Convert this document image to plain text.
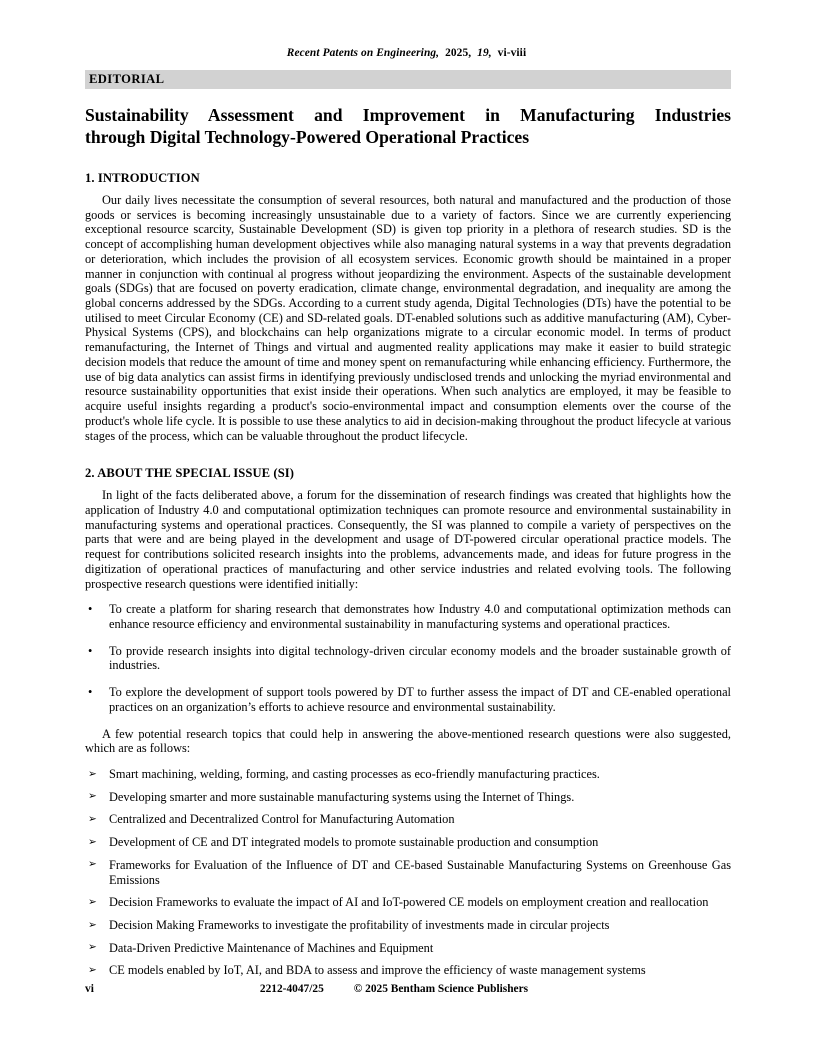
Recent Patents on Engineering, 2025, 19, vi-viii
EDITORIAL
Sustainability Assessment and Improvement in Manufacturing Industries
through Digital Technology-Powered Operational Practices
1. INTRODUCTION

Our daily lives necessitate the consumption of several resources, both natural and manufactured and the production of those goods or services is becoming increasingly unsustainable due to a variety of factors. Since we are currently experiencing exceptional resource scarcity, Sustainable Development (SD) is given top priority in a plethora of research studies. SD is the concept of accomplishing human development objectives while also managing natural systems in a way that prevents degradation or deterioration, which includes the provision of all ecosystem services. Economic growth should be maintained in a proper manner in conjunction with continual al progress without jeopardizing the environment. Aspects of the sustainable development goals (SDGs) that are focused on poverty eradication, climate change, environmental degradation, and inequality are among the global concerns addressed by the SDGs. According to a current study agenda, Digital Technologies (DTs) have the potential to be utilised to meet Circular Economy (CE) and SD-related goals. DT-enabled solutions such as additive manufacturing (AM), Cyber-Physical Systems (CPS), and blockchains can help organizations migrate to a circular economic model. In terms of product remanufacturing, the Internet of Things and virtual and augmented reality applications may make it easier to build strategic decision models that reduce the amount of time and money spent on remanufacturing while enhancing efficiency. Furthermore, the use of big data analytics can assist firms in identifying previously undisclosed trends and unlocking the myriad environmental and resource sustainability opportunities that exist inside their operations. When such analytics are employed, it may be feasible to acquire useful insights regarding a product's socio-environmental impact and consumption elements over the course of the product's whole life cycle. It is possible to use these analytics to aid in decision-making throughout the product lifecycle at various stages of the process, which can be valuable throughout the product lifecycle.

2. ABOUT THE SPECIAL ISSUE (SI)

In light of the facts deliberated above, a forum for the dissemination of research findings was created that highlights how the application of Industry 4.0 and computational optimization techniques can promote resource and environmental sustainability in manufacturing systems and operational practices. Consequently, the SI was planned to compile a variety of perspectives on the parts that were and are being played in the development and usage of DT-powered circular operational practice models. The request for contributions solicited research insights into the problems, advancements made, and ideas for future progress in the digitization of operational practices of manufacturing and other service industries and related evolving tools. The following prospective research questions were identified initially:

• To create a platform for sharing research that demonstrates how Industry 4.0 and computational optimization methods can enhance resource efficiency and environmental sustainability in manufacturing systems and operational practices.
• To provide research insights into digital technology-driven circular economy models and the broader sustainable growth of industries.
• To explore the development of support tools powered by DT to further assess the impact of DT and CE-enabled operational practices on an organization’s efforts to achieve resource and environmental sustainability.

A few potential research topics that could help in answering the above-mentioned research questions were also suggested, which are as follows:

➢ Smart machining, welding, forming, and casting processes as eco-friendly manufacturing practices.
➢ Developing smarter and more sustainable manufacturing systems using the Internet of Things.
➢ Centralized and Decentralized Control for Manufacturing Automation
➢ Development of CE and DT integrated models to promote sustainable production and consumption
➢ Frameworks for Evaluation of the Influence of DT and CE-based Sustainable Manufacturing Systems on Greenhouse Gas Emissions
➢ Decision Frameworks to evaluate the impact of AI and IoT-powered CE models on employment creation and reallocation
➢ Decision Making Frameworks to investigate the profitability of investments made in circular projects
➢ Data-Driven Predictive Maintenance of Machines and Equipment
➢ CE models enabled by IoT, AI, and BDA to assess and improve the efficiency of waste management systems
vi	2212-4047/25	© 2025 Bentham Science Publishers
